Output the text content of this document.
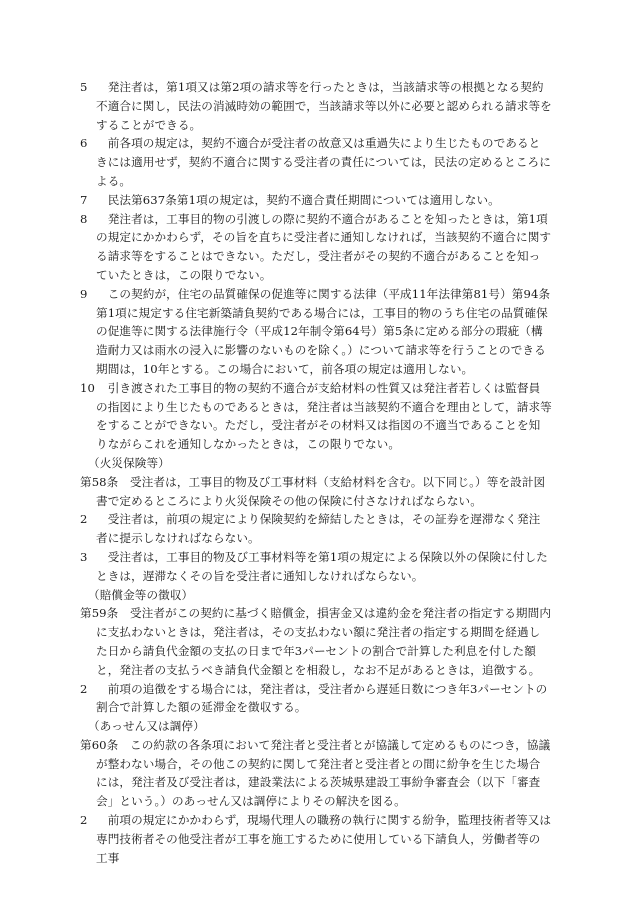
5 　発注者は，第1項又は第2項の請求等を行ったときは，当該請求等の根拠となる契約不適合に関し，民法の消滅時効の範囲で，当該請求等以外に必要と認められる請求等をすることができる。

6 　前各項の規定は，契約不適合が受注者の故意又は重過失により生じたものであるときには適用せず，契約不適合に関する受注者の責任については，民法の定めるところによる。

7 　民法第637条第1項の規定は，契約不適合責任期間については適用しない。

8 　発注者は，工事目的物の引渡しの際に契約不適合があることを知ったときは，第1項の規定にかかわらず，その旨を直ちに受注者に通知しなければ，当該契約不適合に関する請求等をすることはできない。ただし，受注者がその契約不適合があることを知っていたときは，この限りでない。

9 　この契約が，住宅の品質確保の促進等に関する法律（平成11年法律第81号）第94条第1項に規定する住宅新築請負契約である場合には，工事目的物のうち住宅の品質確保の促進等に関する法律施行令（平成12年制令第64号）第5条に定める部分の瑕疵（構造耐力又は雨水の浸入に影響のないものを除く。）について請求等を行うことのできる期間は，10年とする。この場合において，前各項の規定は適用しない。

10 　引き渡された工事目的物の契約不適合が支給材料の性質又は発注者若しくは監督員の指図により生じたものであるときは，発注者は当該契約不適合を理由として，請求等をすることができない。ただし，受注者がその材料又は指図の不適当であることを知りながらこれを通知しなかったときは，この限りでない。

（火災保険等）

第58条　受注者は，工事目的物及び工事材料（支給材料を含む。以下同じ。）等を設計図書で定めるところにより火災保険その他の保険に付さなければならない。

2 　受注者は，前項の規定により保険契約を締結したときは，その証券を遅滞なく発注者に提示しなければならない。

3 　受注者は，工事目的物及び工事材料等を第1項の規定による保険以外の保険に付したときは，遅滞なくその旨を受注者に通知しなければならない。

（賠償金等の徴収）

第59条　受注者がこの契約に基づく賠償金，損害金又は違約金を発注者の指定する期間内に支払わないときは，発注者は，その支払わない額に発注者の指定する期間を経過した日から請負代金額の支払の日まで年3パーセントの割合で計算した利息を付した額と，発注者の支払うべき請負代金額とを相殺し，なお不足があるときは，追徴する。

2 　前項の追徴をする場合には，発注者は，受注者から遅延日数につき年3パーセントの割合で計算した額の延滞金を徴収する。

（あっせん又は調停）

第60条　この約款の各条項において発注者と受注者とが協議して定めるものにつき，協議が整わない場合，その他この契約に関して発注者と受注者との間に紛争を生じた場合には，発注者及び受注者は，建設業法による茨城県建設工事紛争審査会（以下「審査会」という。）のあっせん又は調停によりその解決を図る。

2 　前項の規定にかかわらず，現場代理人の職務の執行に関する紛争，監理技術者等又は専門技術者その他受注者が工事を施工するために使用している下請負人，労働者等の工事
